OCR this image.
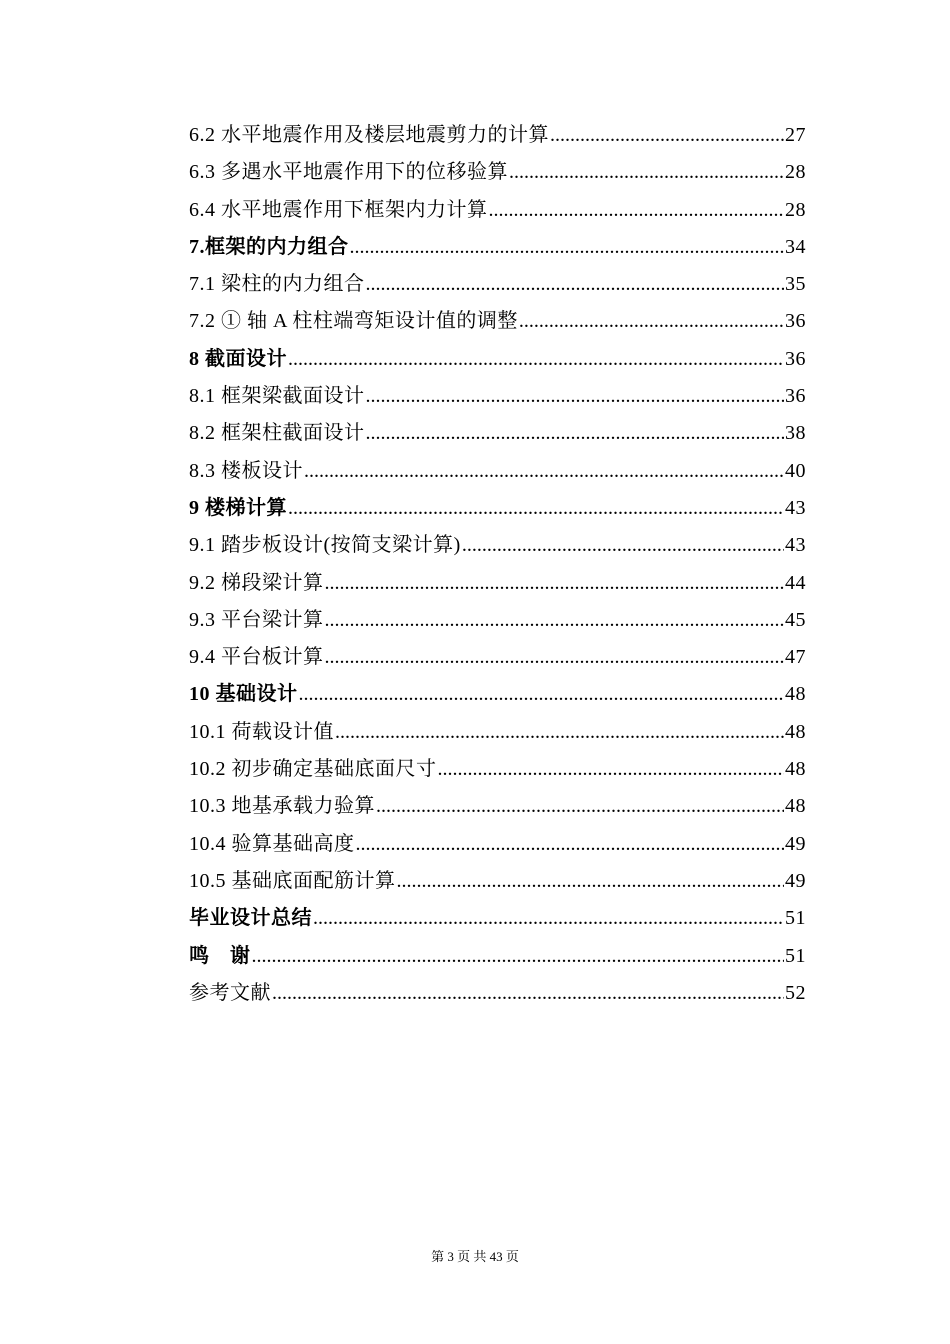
6.2 水平地震作用及楼层地震剪力的计算 .....	27
6.3 多遇水平地震作用下的位移验算 .....	28
6.4 水平地震作用下框架内力计算 .....	28
7.框架的内力组合 .....	34
7.1 梁柱的内力组合 .....	35
7.2 ① 轴 A 柱柱端弯矩设计值的调整 .....	36
8 截面设计 .....	36
8.1 框架梁截面设计 .....	36
8.2 框架柱截面设计 .....	38
8.3 楼板设计 .....	40
9 楼梯计算 .....	43
9.1 踏步板设计(按简支梁计算) .....	43
9.2 梯段梁计算 .....	44
9.3 平台梁计算 .....	45
9.4 平台板计算 .....	47
10 基础设计 .....	48
10.1 荷载设计值 .....	48
10.2 初步确定基础底面尺寸 .....	48
10.3 地基承载力验算 .....	48
10.4 验算基础高度 .....	49
10.5 基础底面配筋计算 .....	49
毕业设计总结 .....	51
鸣　谢 .....	51
参考文献 .....	52
第 3 页 共 43 页
